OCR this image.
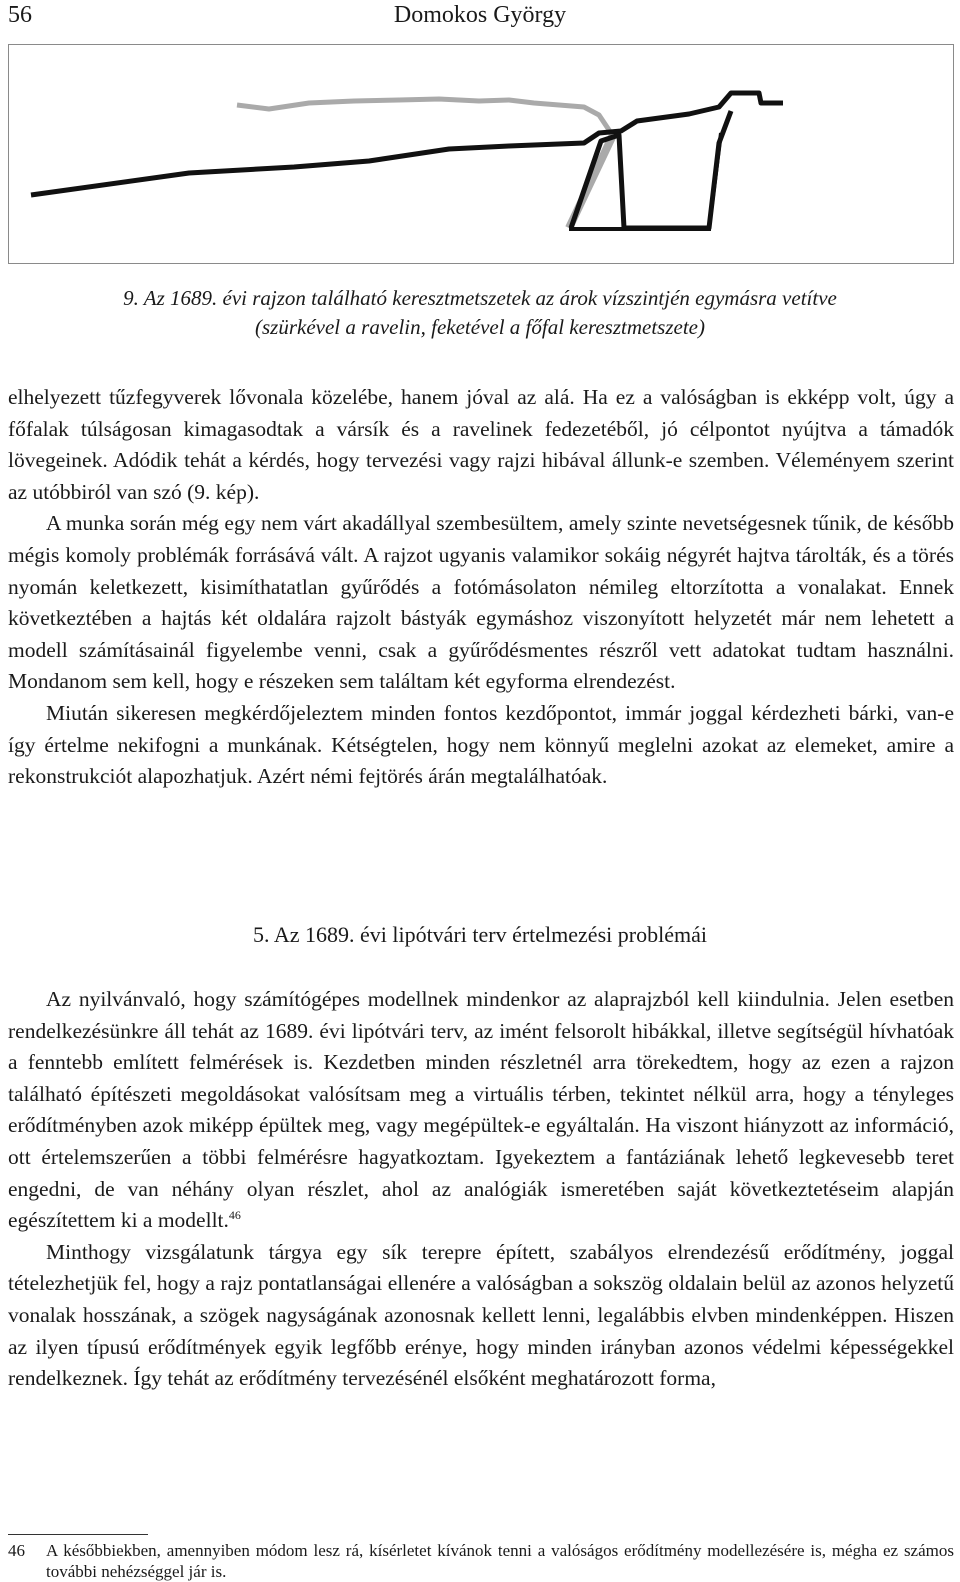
Domokos György
56
9. Az 1689. évi rajzon található keresztmetszetek az árok vízszintjén egymásra vetítve
(szürkével a ravelin, feketével a főfal keresztmetszete)

elhelyezett tűzfegyverek lővonala közelébe, hanem jóval az alá. Ha ez a valóságban is ekképp volt, úgy a főfalak túlságosan kimagasodtak a vársík és a ravelinek fedezetéből, jó célpontot nyújtva a támadók lövegeinek. Adódik tehát a kérdés, hogy tervezési vagy rajzi hibával állunk-e szemben. Véleményem szerint az utóbbiról van szó (9. kép).

A munka során még egy nem várt akadállyal szembesültem, amely szinte nevetségesnek tűnik, de később mégis komoly problémák forrásává vált. A rajzot ugyanis valamikor sokáig négyrét hajtva tárolták, és a törés nyomán keletkezett, kisimíthatatlan gyűrődés a fotómásolaton némileg eltorzította a vonalakat. Ennek következtében a hajtás két oldalára rajzolt bástyák egymáshoz viszonyított helyzetét már nem lehetett a modell számításainál figyelembe venni, csak a gyűrődésmentes részről vett adatokat tudtam használni. Mondanom sem kell, hogy e részeken sem találtam két egyforma elrendezést.

Miután sikeresen megkérdőjeleztem minden fontos kezdőpontot, immár joggal kérdezheti bárki, van-e így értelme nekifogni a munkának. Kétségtelen, hogy nem könnyű meglelni azokat az elemeket, amire a rekonstrukciót alapozhatjuk. Azért némi fejtörés árán megtalálhatóak.

5. Az 1689. évi lipótvári terv értelmezési problémái

Az nyilvánvaló, hogy számítógépes modellnek mindenkor az alaprajzból kell kiindulnia. Jelen esetben rendelkezésünkre áll tehát az 1689. évi lipótvári terv, az imént felsorolt hibákkal, illetve segítségül hívhatóak a fenntebb említett felmérések is. Kezdetben minden részletnél arra törekedtem, hogy az ezen a rajzon található építészeti megoldásokat valósítsam meg a virtuális térben, tekintet nélkül arra, hogy a tényleges erődítményben azok miképp épültek meg, vagy megépültek-e egyáltalán. Ha viszont hiányzott az információ, ott értelemszerűen a többi felmérésre hagyatkoztam. Igyekeztem a fantáziának lehető legkevesebb teret engedni, de van néhány olyan részlet, ahol az analógiák ismeretében saját következtetéseim alapján egészítettem ki a modellt.$^{46}$

Minthogy vizsgálatunk tárgya egy sík terepre épített, szabályos elrendezésű erődítmény, joggal tételezhetjük fel, hogy a rajz pontatlanságai ellenére a valóságban a sokszög oldalain belül az azonos helyzetű vonalak hosszának, a szögek nagyságának azonosnak kellett lenni, legalábbis elvben mindenképpen. Hiszen az ilyen típusú erődítmények egyik legfőbb erénye, hogy minden irányban azonos védelmi képességekkel rendelkeznek. Így tehát az erődítmény tervezésénél elsőként meghatározott forma,

46 A későbbiekben, amennyiben módom lesz rá, kísérletet kívánok tenni a valóságos erődítmény modellezésére is, mégha ez számos további nehézséggel jár is.
